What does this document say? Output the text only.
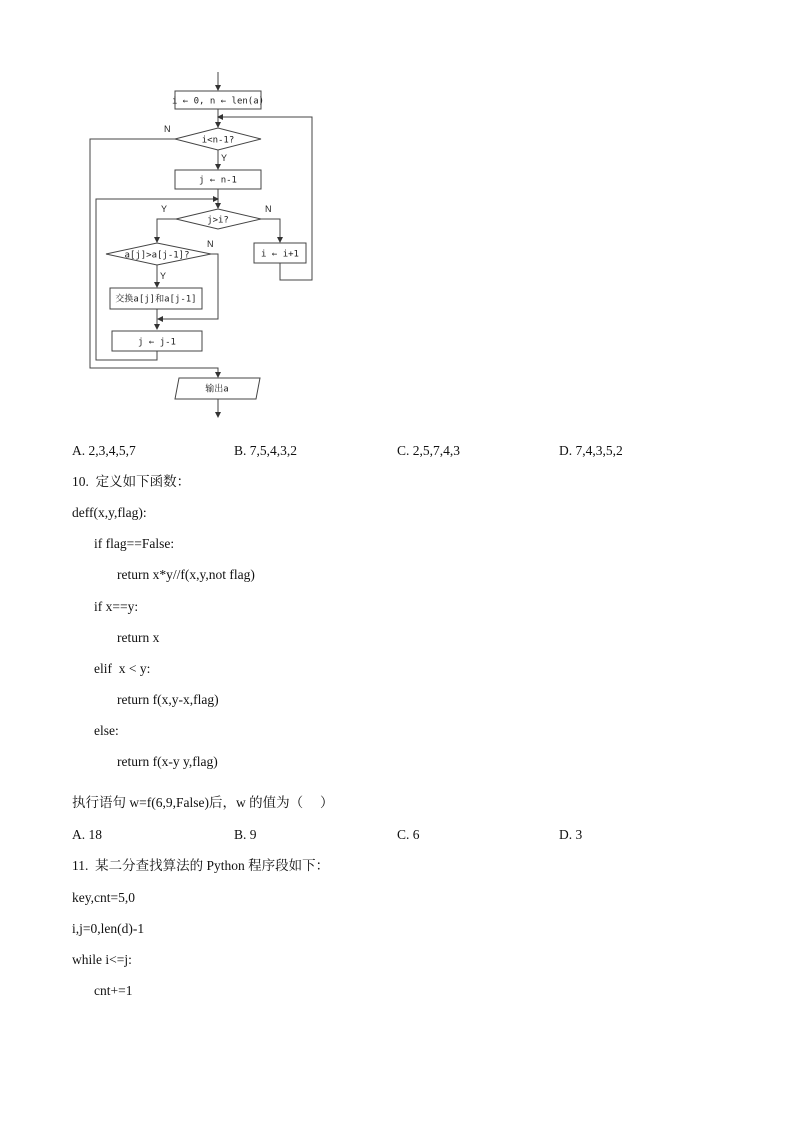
i ← 0, n ← len(a)
i<n-1?
j ← n-1
j>i?
a[j]>a[j-1]?
交换a[j]和a[j-1]
j ← j-1
i ← i+1
输出a
N
Y
Y	N
N
Y
A. 2,3,4,5,7	B. 7,5,4,3,2	C. 2,5,7,4,3	D. 7,4,3,5,2
10.  定义如下函数：
deff(x,y,flag):
if flag==False:
return x*y//f(x,y,not flag)
if x==y:
return x
elif  x < y:
return f(x,y-x,flag)
else:
return f(x-y y,flag)
执行语句 w=f(6,9,False)后，w 的值为（     ）
A. 18	B. 9	C. 6	D. 3
11.  某二分查找算法的 Python 程序段如下：
key,cnt=5,0
i,j=0,len(d)-1
while i<=j:
cnt+=1
